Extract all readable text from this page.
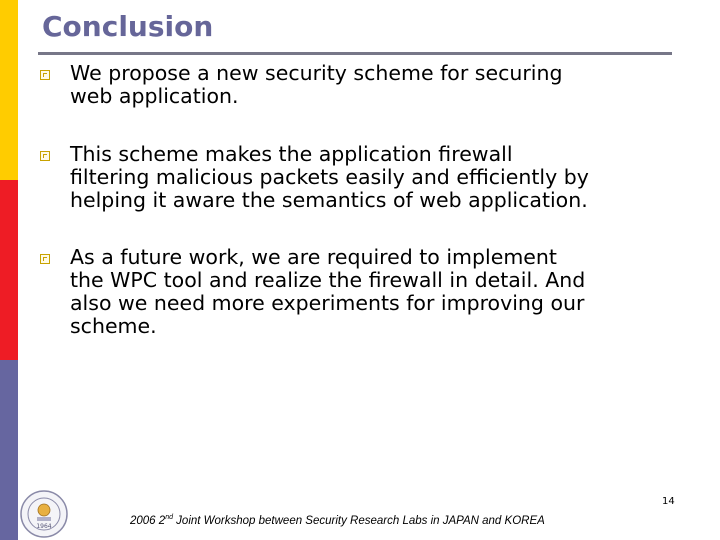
Conclusion
We propose a new security scheme for securing
web application.
This scheme makes the application firewall
filtering malicious packets easily and efficiently by
helping it aware the semantics of web application.
As a future work, we are required to implement
the WPC tool and realize the firewall in detail. And
also we need more experiments for improving our
scheme.
1964
14
2006 2nd Joint Workshop between Security Research Labs in JAPAN and KOREA
